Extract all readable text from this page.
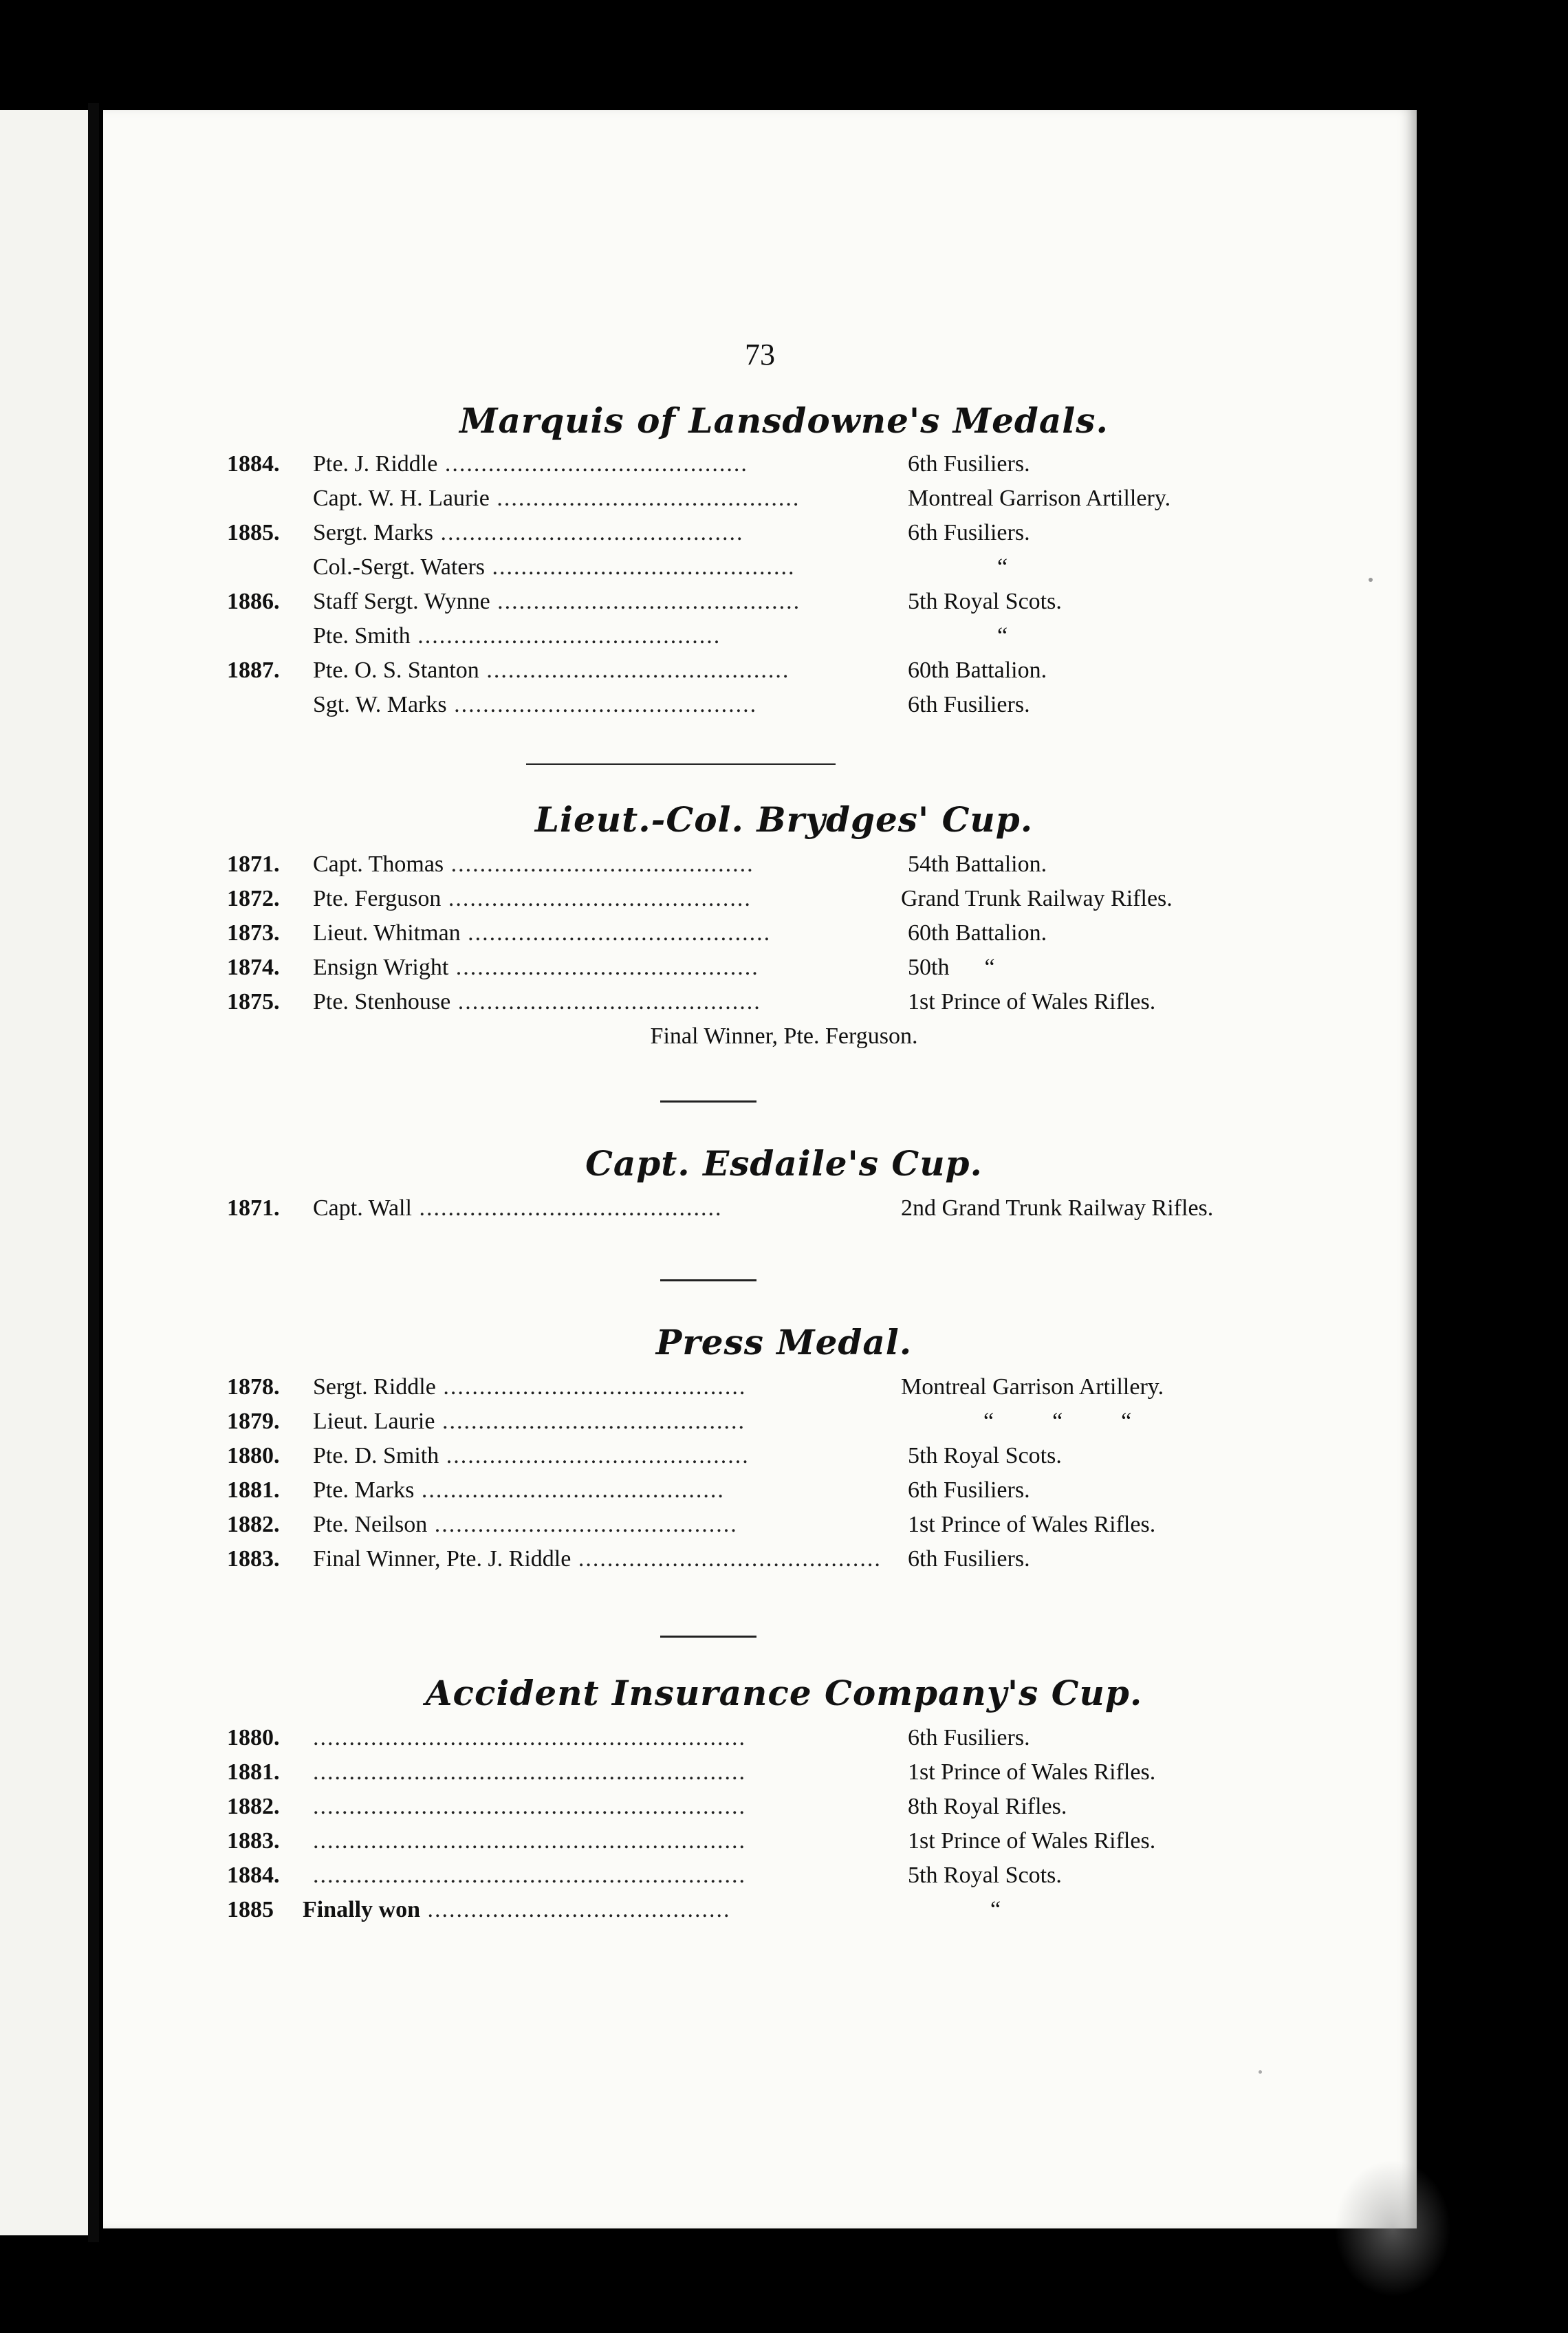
73
Marquis of Lansdowne's Medals.
1884.	Pte. J. Riddle ..........................................	6th Fusiliers.
Capt. W. H. Laurie ..........................................	Montreal Garrison Artillery.
1885.	Sergt. Marks ..........................................	6th Fusiliers.
Col.-Sergt. Waters ..........................................	“
1886.	Staff Sergt. Wynne ..........................................	5th Royal Scots.
Pte. Smith ..........................................	“
1887.	Pte. O. S. Stanton ..........................................	60th Battalion.
Sgt. W. Marks ..........................................	6th Fusiliers.
Lieut.-Col. Brydges' Cup.
1871.	Capt. Thomas ..........................................	54th Battalion.
1872.	Pte. Ferguson ..........................................	Grand Trunk Railway Rifles.
1873.	Lieut. Whitman ..........................................	60th Battalion.
1874.	Ensign Wright ..........................................	50th      “
1875.	Pte. Stenhouse ..........................................	1st Prince of Wales Rifles.
Final Winner, Pte. Ferguson.
Capt. Esdaile's Cup.
1871.	Capt. Wall ..........................................	2nd Grand Trunk Railway Rifles.
Press Medal.
1878.	Sergt. Riddle ..........................................	Montreal Garrison Artillery.
1879.	Lieut. Laurie ..........................................	“          “          “
1880.	Pte. D. Smith ..........................................	5th Royal Scots.
1881.	Pte. Marks ..........................................	6th Fusiliers.
1882.	Pte. Neilson ..........................................	1st Prince of Wales Rifles.
1883.	Final Winner, Pte. J. Riddle ..........................................	6th Fusiliers.
Accident Insurance Company's Cup.
1880.	............................................................	6th Fusiliers.
1881.	............................................................	1st Prince of Wales Rifles.
1882.	............................................................	8th Royal Rifles.
1883.	............................................................	1st Prince of Wales Rifles.
1884.	............................................................	5th Royal Scots.
1885	Finally won ..........................................	“
